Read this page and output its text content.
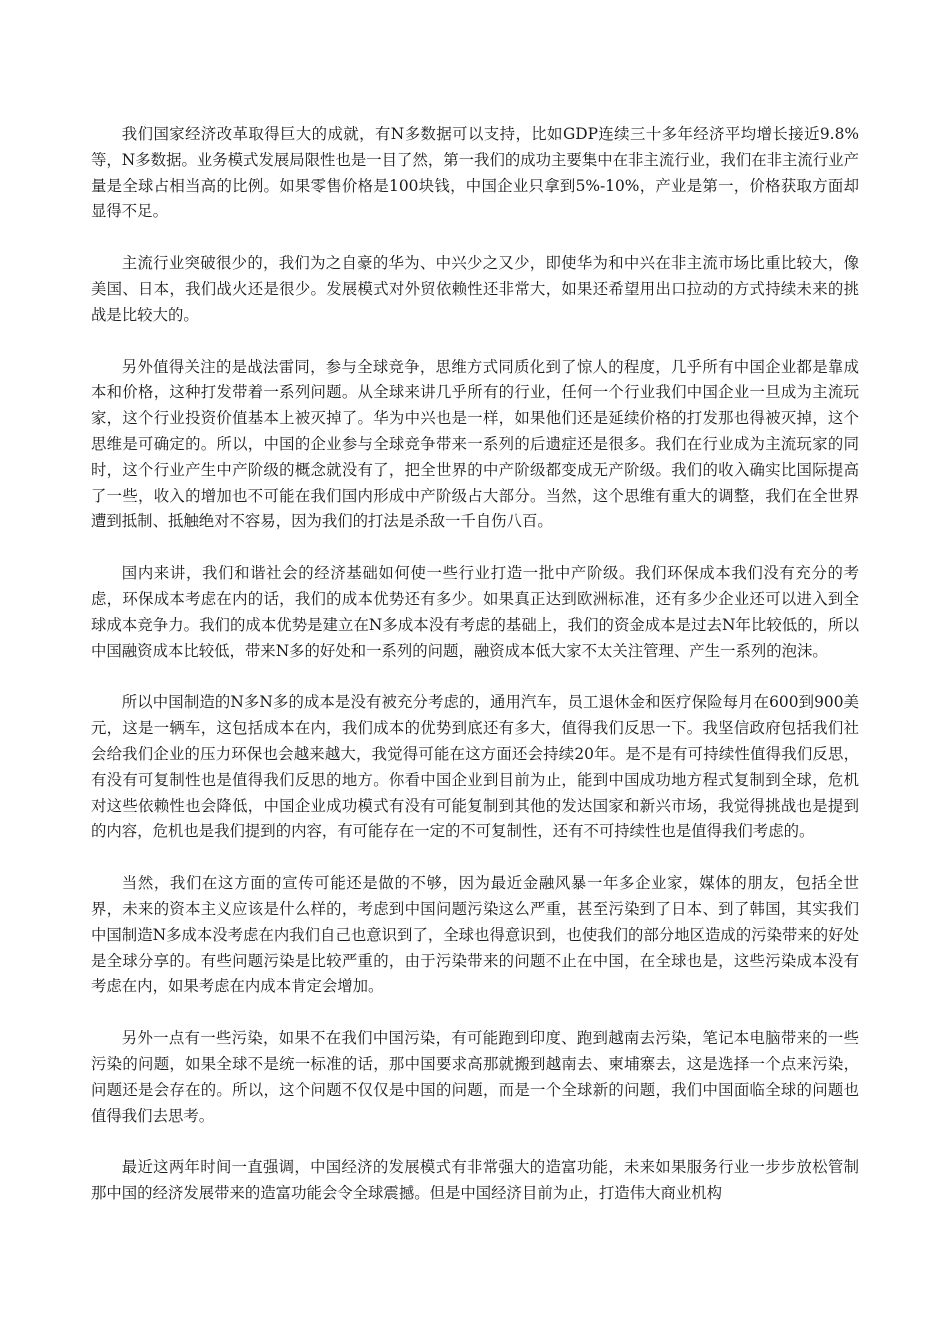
我们国家经济改革取得巨大的成就，有N多数据可以支持，比如GDP连续三十多年经济平均增长接近9.8%等，N多数据。业务模式发展局限性也是一目了然，第一我们的成功主要集中在非主流行业，我们在非主流行业产量是全球占相当高的比例。如果零售价格是100块钱，中国企业只拿到5%-10%，产业是第一，价格获取方面却显得不足。

主流行业突破很少的，我们为之自豪的华为、中兴少之又少，即使华为和中兴在非主流市场比重比较大，像美国、日本，我们战火还是很少。发展模式对外贸依赖性还非常大，如果还希望用出口拉动的方式持续未来的挑战是比较大的。

另外值得关注的是战法雷同，参与全球竞争，思维方式同质化到了惊人的程度，几乎所有中国企业都是靠成本和价格，这种打发带着一系列问题。从全球来讲几乎所有的行业，任何一个行业我们中国企业一旦成为主流玩家，这个行业投资价值基本上被灭掉了。华为中兴也是一样，如果他们还是延续价格的打发那也得被灭掉，这个思维是可确定的。所以，中国的企业参与全球竞争带来一系列的后遗症还是很多。我们在行业成为主流玩家的同时，这个行业产生中产阶级的概念就没有了，把全世界的中产阶级都变成无产阶级。我们的收入确实比国际提高了一些，收入的增加也不可能在我们国内形成中产阶级占大部分。当然，这个思维有重大的调整，我们在全世界遭到抵制、抵触绝对不容易，因为我们的打法是杀敌一千自伤八百。

国内来讲，我们和谐社会的经济基础如何使一些行业打造一批中产阶级。我们环保成本我们没有充分的考虑，环保成本考虑在内的话，我们的成本优势还有多少。如果真正达到欧洲标准，还有多少企业还可以进入到全球成本竞争力。我们的成本优势是建立在N多成本没有考虑的基础上，我们的资金成本是过去N年比较低的，所以中国融资成本比较低，带来N多的好处和一系列的问题，融资成本低大家不太关注管理、产生一系列的泡沫。

所以中国制造的N多N多的成本是没有被充分考虑的，通用汽车，员工退休金和医疗保险每月在600到900美元，这是一辆车，这包括成本在内，我们成本的优势到底还有多大，值得我们反思一下。我坚信政府包括我们社会给我们企业的压力环保也会越来越大，我觉得可能在这方面还会持续20年。是不是有可持续性值得我们反思，有没有可复制性也是值得我们反思的地方。你看中国企业到目前为止，能到中国成功地方程式复制到全球，危机对这些依赖性也会降低，中国企业成功模式有没有可能复制到其他的发达国家和新兴市场，我觉得挑战也是提到的内容，危机也是我们提到的内容，有可能存在一定的不可复制性，还有不可持续性也是值得我们考虑的。

当然，我们在这方面的宣传可能还是做的不够，因为最近金融风暴一年多企业家，媒体的朋友，包括全世界，未来的资本主义应该是什么样的，考虑到中国问题污染这么严重，甚至污染到了日本、到了韩国，其实我们中国制造N多成本没考虑在内我们自己也意识到了，全球也得意识到，也使我们的部分地区造成的污染带来的好处是全球分享的。有些问题污染是比较严重的，由于污染带来的问题不止在中国，在全球也是，这些污染成本没有考虑在内，如果考虑在内成本肯定会增加。

另外一点有一些污染，如果不在我们中国污染，有可能跑到印度、跑到越南去污染，笔记本电脑带来的一些污染的问题，如果全球不是统一标准的话，那中国要求高那就搬到越南去、柬埔寨去，这是选择一个点来污染，问题还是会存在的。所以，这个问题不仅仅是中国的问题，而是一个全球新的问题，我们中国面临全球的问题也值得我们去思考。

最近这两年时间一直强调，中国经济的发展模式有非常强大的造富功能，未来如果服务行业一步步放松管制那中国的经济发展带来的造富功能会令全球震撼。但是中国经济目前为止，打造伟大商业机构
